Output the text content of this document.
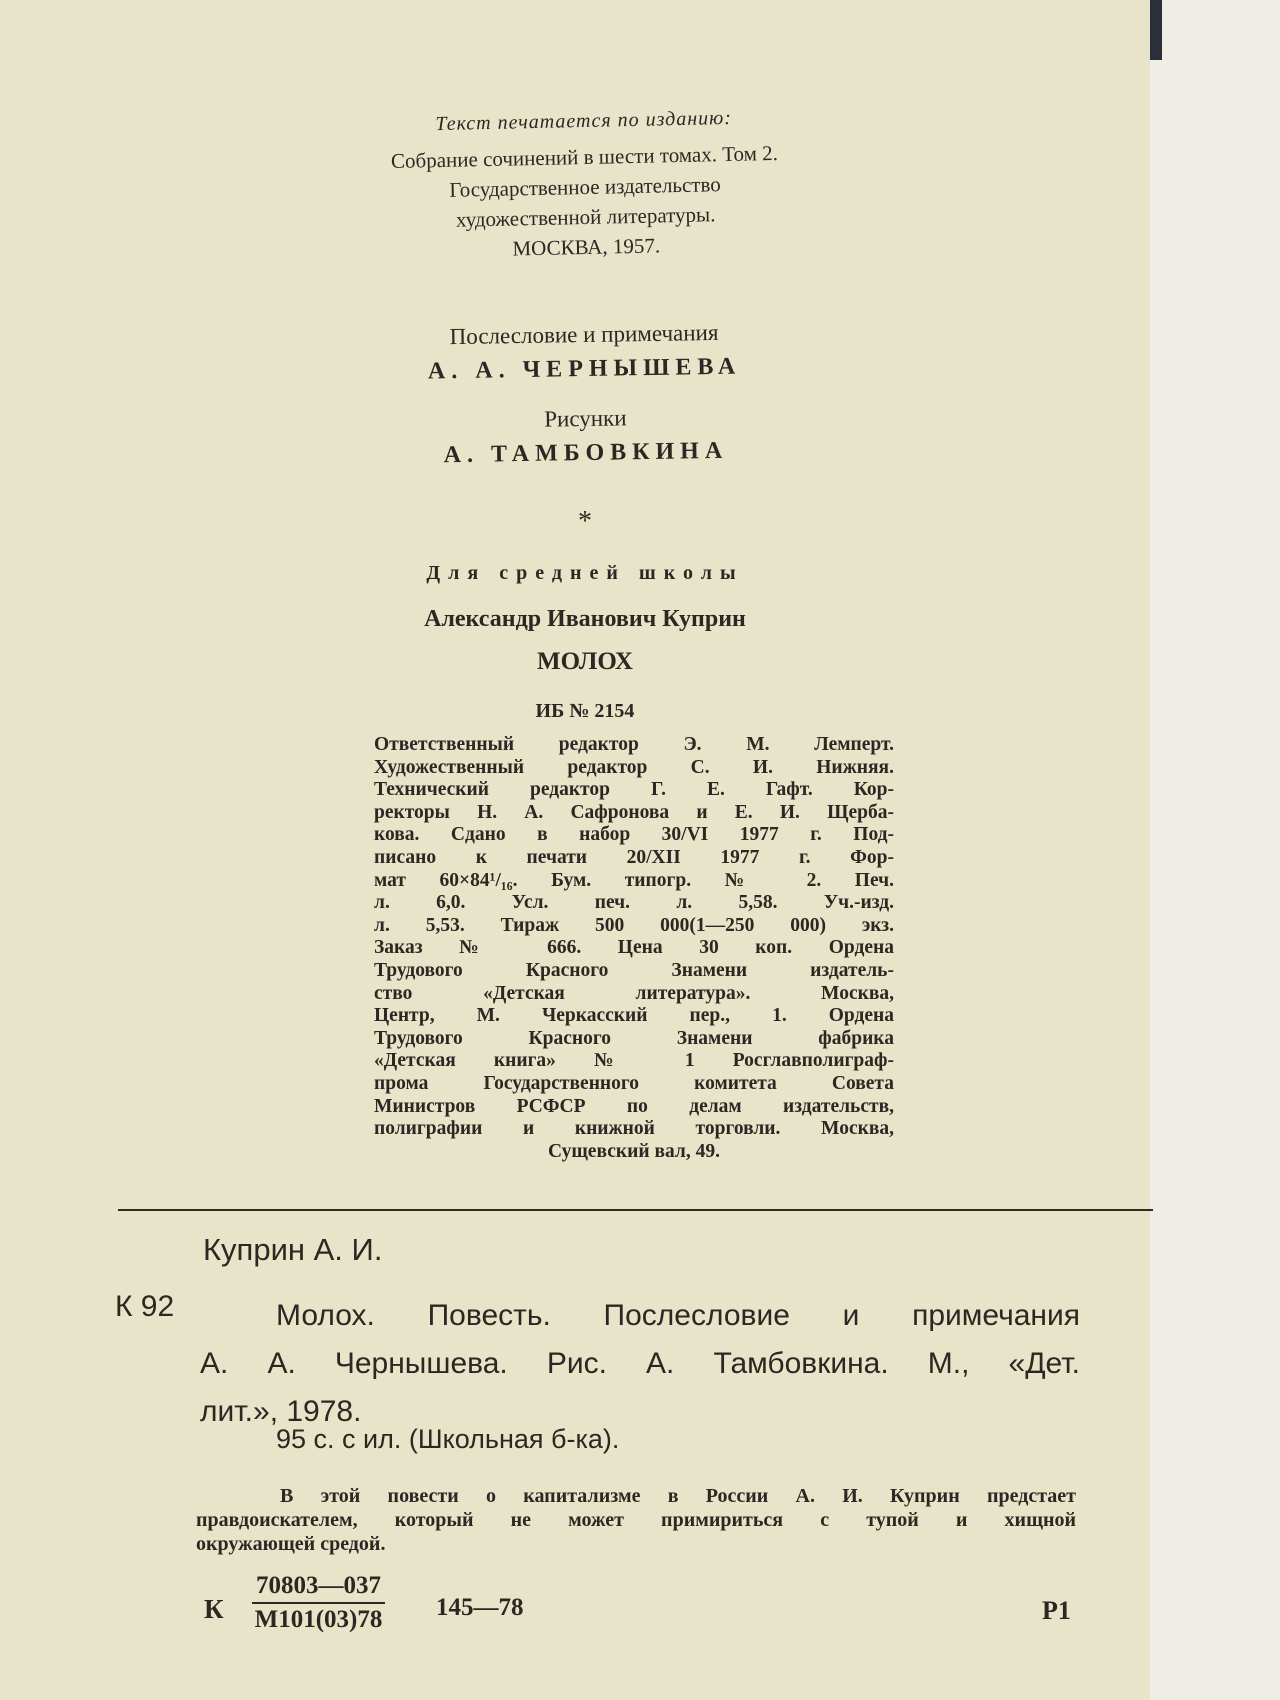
Текст печатается по изданию:

Собрание сочинений в шести томах. Том 2.

Государственное издательство

художественной литературы.

МОСКВА, 1957.

Послесловие и примечания

А. А. ЧЕРНЫШЕВА

Рисунки

А. ТАМБОВКИНА

*
Для средней школы
Александр Иванович Куприн
МОЛОХ
ИБ № 2154
Ответственный редактор Э. М. Лемперт.
Художественный редактор С. И. Нижняя.
Технический редактор Г. Е. Гафт. Кор-
ректоры Н. А. Сафронова и Е. И. Щерба-
кова. Сдано в набор 30/VI 1977 г. Под-
писано к печати 20/XII 1977 г. Фор-
мат 60×84¹/₁₆. Бум. типогр. № 2. Печ.
л. 6,0. Усл. печ. л. 5,58. Уч.-изд.
л. 5,53. Тираж 500 000(1—250 000) экз.
Заказ № 666. Цена 30 коп. Ордена
Трудового Красного Знамени издатель-
ство «Детская литература». Москва,
Центр, М. Черкасский пер., 1. Ордена
Трудового Красного Знамени фабрика
«Детская книга» № 1 Росглавполиграф-
прома Государственного комитета Совета
Министров РСФСР по делам издательств,
полиграфии и книжной торговли. Москва,
Сущевский вал, 49.
Куприн А. И.
К 92	Молох. Повесть. Послесловие и примечания
А. А. Чернышева. Рис. А. Тамбовкина. М., «Дет.
лит.», 1978.
95 с. с ил. (Школьная б-ка).
В этой повести о капитализме в России А. И. Куприн предстает
правдоискателем, который не может примириться с тупой и хищной
окружающей средой.
К
70803—037
М101(03)78 145—78	Р1
